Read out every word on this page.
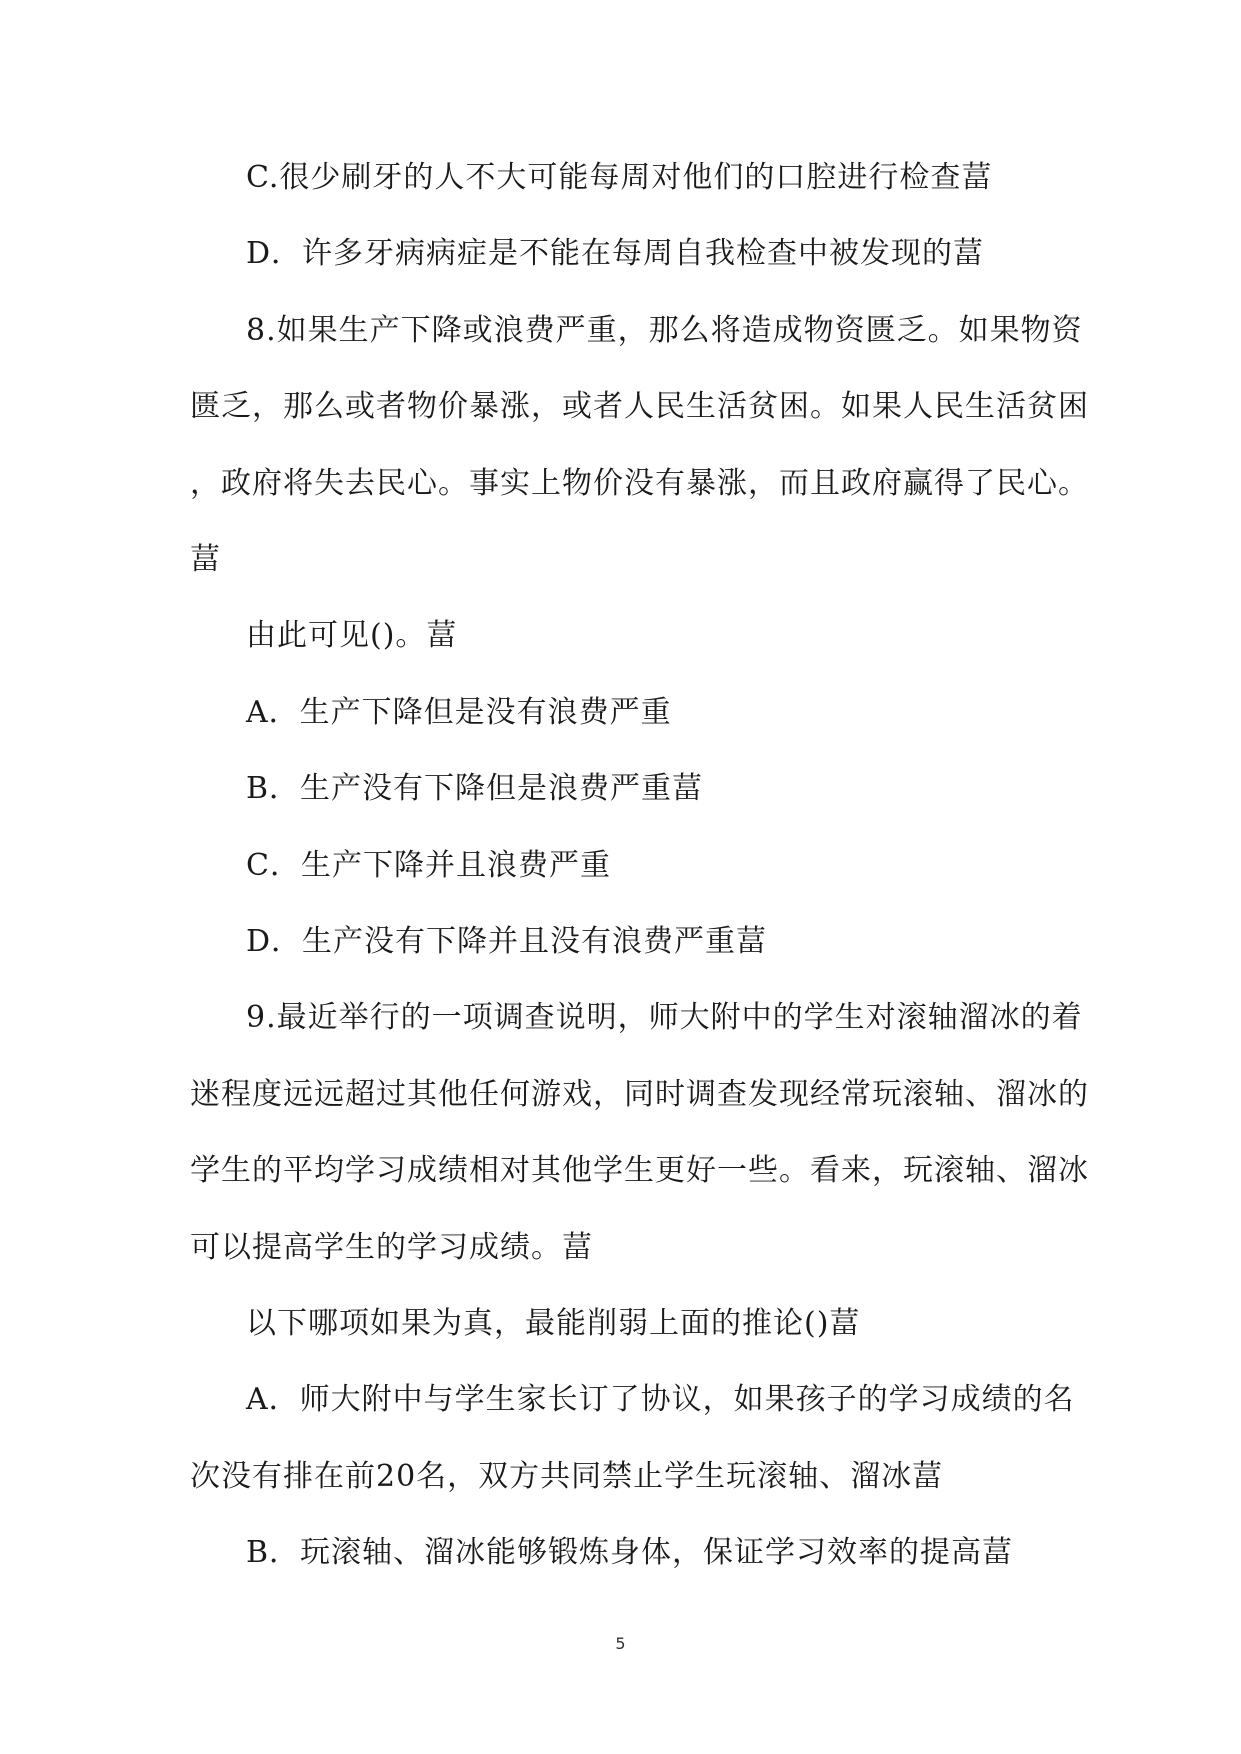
C.很少刷牙的人不大可能每周对他们的口腔进行检查葍
D．许多牙病病症是不能在每周自我检查中被发现的葍
8.如果生产下降或浪费严重，那么将造成物资匮乏。如果物资
匮乏，那么或者物价暴涨，或者人民生活贫困。如果人民生活贫困
，政府将失去民心。事实上物价没有暴涨，而且政府赢得了民心。
葍
由此可见()。葍
A．生产下降但是没有浪费严重
B．生产没有下降但是浪费严重葍
C．生产下降并且浪费严重
D．生产没有下降并且没有浪费严重葍
9.最近举行的一项调查说明，师大附中的学生对滚轴溜冰的着
迷程度远远超过其他任何游戏，同时调查发现经常玩滚轴、溜冰的
学生的平均学习成绩相对其他学生更好一些。看来，玩滚轴、溜冰
可以提高学生的学习成绩。葍
以下哪项如果为真，最能削弱上面的推论()葍
A．师大附中与学生家长订了协议，如果孩子的学习成绩的名
次没有排在前20名，双方共同禁止学生玩滚轴、溜冰葍
B．玩滚轴、溜冰能够锻炼身体，保证学习效率的提高葍
5
